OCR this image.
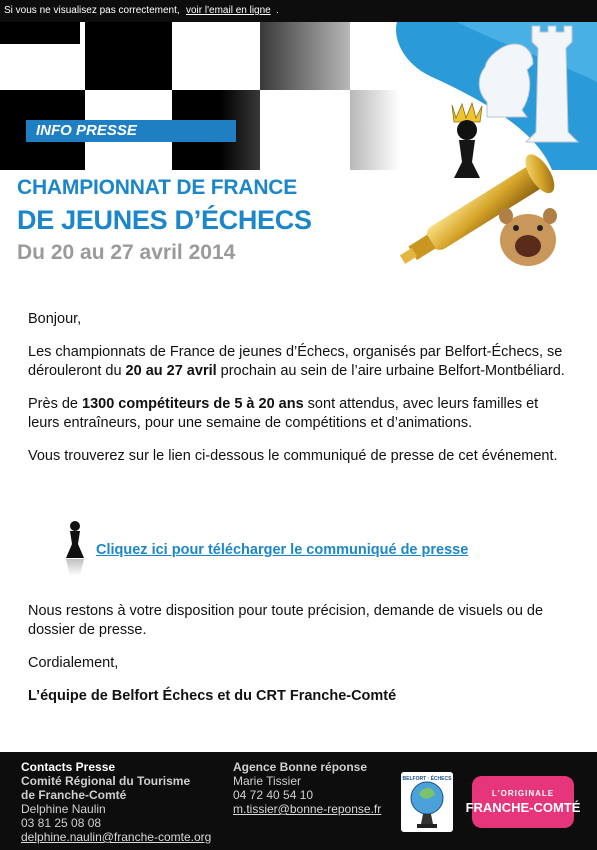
Si vous ne visualisez pas correctement, voir l'email en ligne .
INFO PRESSE
CHAMPIONNAT DE FRANCE
DE JEUNES D’ÉCHECS
Du 20 au 27 avril 2014

Bonjour,

Les championnats de France de jeunes d’Échecs, organisés par Belfort-Échecs, se dérouleront du 20 au 27 avril prochain au sein de l’aire urbaine Belfort-Montbéliard.

Près de 1300 compétiteurs de 5 à 20 ans sont attendus, avec leurs familles et leurs entraîneurs, pour une semaine de compétitions et d’animations.

Vous trouverez sur le lien ci-dessous le communiqué de presse de cet événement.

Cliquez ici pour télécharger le communiqué de presse

Nous restons à votre disposition pour toute précision, demande de visuels ou de dossier de presse.

Cordialement,

L’équipe de Belfort Échecs et du CRT Franche-Comté

Contacts Presse
Comité Régional du Tourisme
de Franche-Comté
Delphine Naulin
03 81 25 08 08
delphine.naulin@franche-comte.org
Agence Bonne réponse
Marie Tissier
04 72 40 54 10
m.tissier@bonne-reponse.fr
BELFORT · ÉCHECS
L'ORIGINALE
FRANCHE-COMTÉ
